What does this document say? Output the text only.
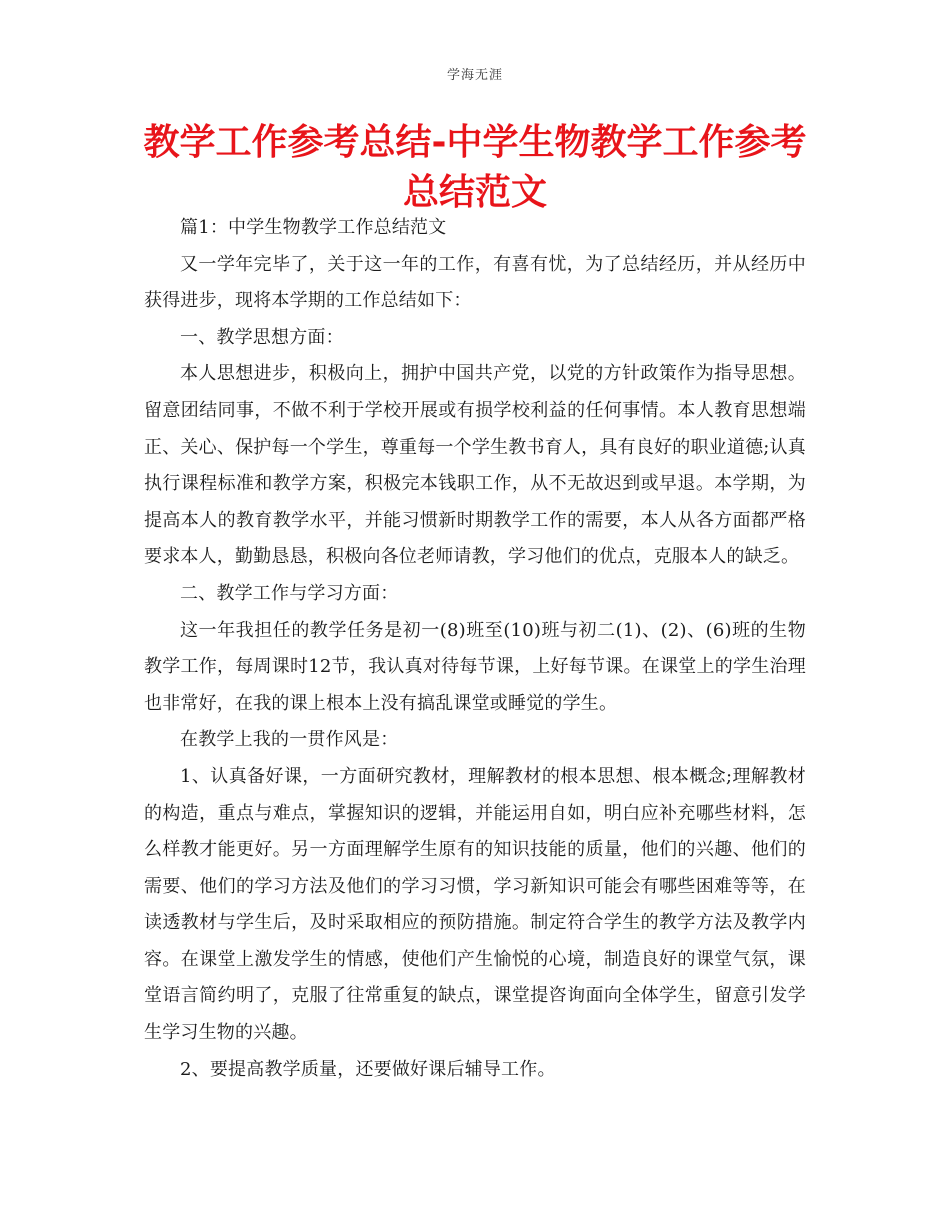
学海无涯
教学工作参考总结-中学生物教学工作参考总结范文

篇1：中学生物教学工作总结范文

又一学年完毕了，关于这一年的工作，有喜有忧，为了总结经历，并从经历中获得进步，现将本学期的工作总结如下：

一、教学思想方面：

本人思想进步，积极向上，拥护中国共产党，以党的方针政策作为指导思想。留意团结同事，不做不利于学校开展或有损学校利益的任何事情。本人教育思想端正、关心、保护每一个学生，尊重每一个学生教书育人，具有良好的职业道德;认真执行课程标准和教学方案，积极完本钱职工作，从不无故迟到或早退。本学期，为提高本人的教育教学水平，并能习惯新时期教学工作的需要，本人从各方面都严格要求本人，勤勤恳恳，积极向各位老师请教，学习他们的优点，克服本人的缺乏。

二、教学工作与学习方面：

这一年我担任的教学任务是初一(8)班至(10)班与初二(1)、(2)、(6)班的生物教学工作，每周课时12节，我认真对待每节课，上好每节课。在课堂上的学生治理也非常好，在我的课上根本上没有搞乱课堂或睡觉的学生。

在教学上我的一贯作风是：

1、认真备好课，一方面研究教材，理解教材的根本思想、根本概念;理解教材的构造，重点与难点，掌握知识的逻辑，并能运用自如，明白应补充哪些材料，怎么样教才能更好。另一方面理解学生原有的知识技能的质量，他们的兴趣、他们的需要、他们的学习方法及他们的学习习惯，学习新知识可能会有哪些困难等等，在读透教材与学生后，及时采取相应的预防措施。制定符合学生的教学方法及教学内容。在课堂上激发学生的情感，使他们产生愉悦的心境，制造良好的课堂气氛，课堂语言简约明了，克服了往常重复的缺点，课堂提咨询面向全体学生，留意引发学生学习生物的兴趣。

2、要提高教学质量，还要做好课后辅导工作。
